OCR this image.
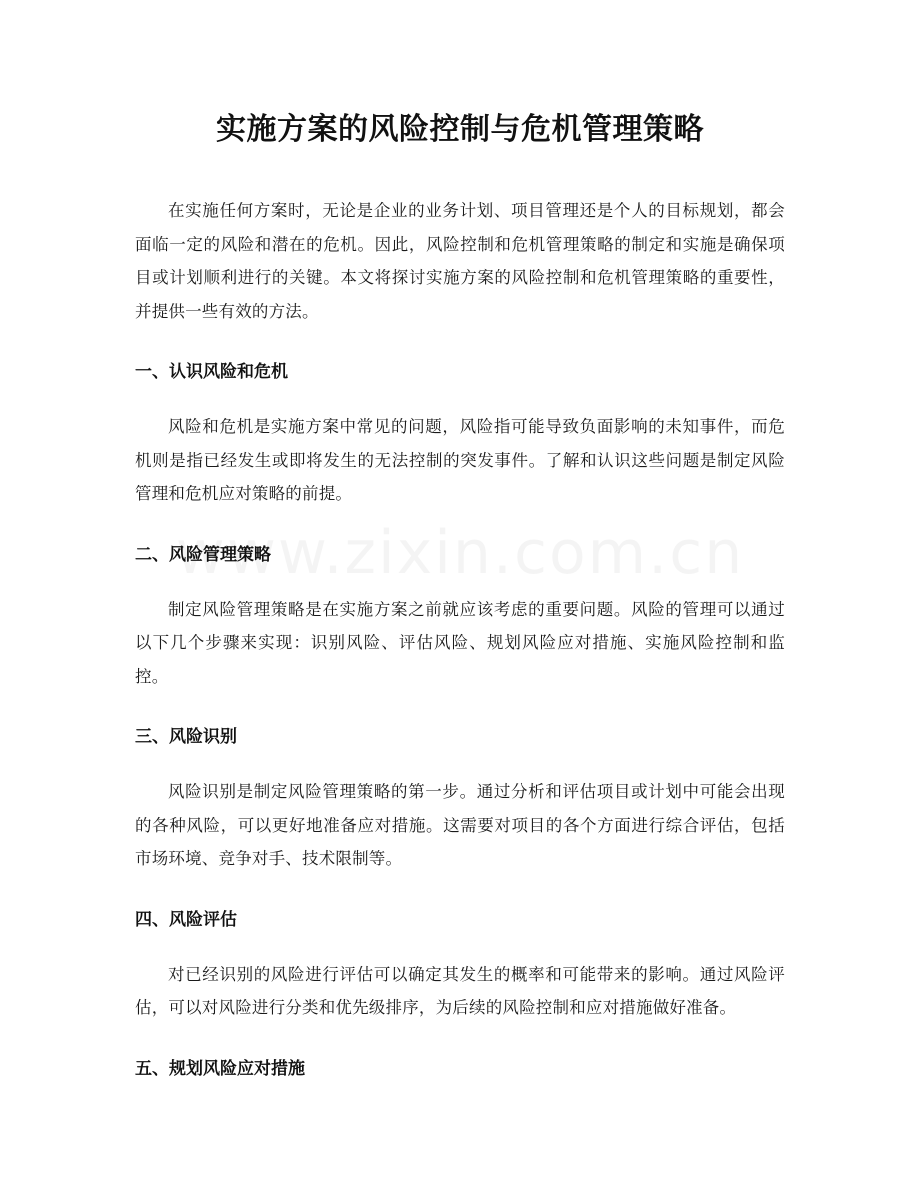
实施方案的风险控制与危机管理策略

在实施任何方案时，无论是企业的业务计划、项目管理还是个人的目标规划，都会面临一定的风险和潜在的危机。因此，风险控制和危机管理策略的制定和实施是确保项目或计划顺利进行的关键。本文将探讨实施方案的风险控制和危机管理策略的重要性，并提供一些有效的方法。

一、认识风险和危机

风险和危机是实施方案中常见的问题，风险指可能导致负面影响的未知事件，而危机则是指已经发生或即将发生的无法控制的突发事件。了解和认识这些问题是制定风险管理和危机应对策略的前提。

二、风险管理策略

制定风险管理策略是在实施方案之前就应该考虑的重要问题。风险的管理可以通过以下几个步骤来实现：识别风险、评估风险、规划风险应对措施、实施风险控制和监控。

三、风险识别

风险识别是制定风险管理策略的第一步。通过分析和评估项目或计划中可能会出现的各种风险，可以更好地准备应对措施。这需要对项目的各个方面进行综合评估，包括市场环境、竞争对手、技术限制等。

四、风险评估

对已经识别的风险进行评估可以确定其发生的概率和可能带来的影响。通过风险评估，可以对风险进行分类和优先级排序，为后续的风险控制和应对措施做好准备。

五、规划风险应对措施
